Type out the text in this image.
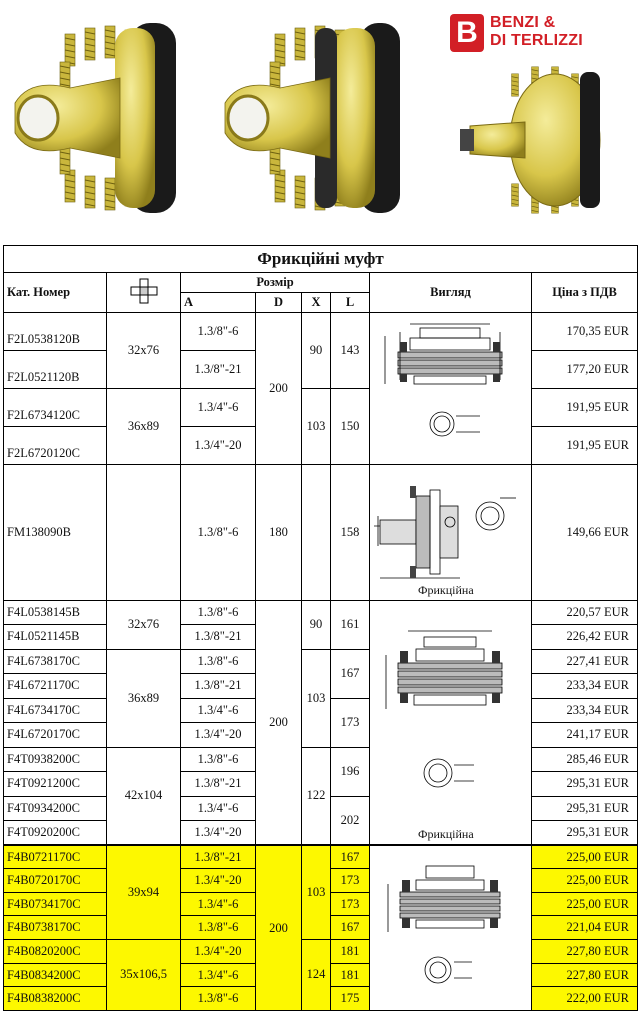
B BENZI &
DI TERLIZZI
Фрикційні муфт							
Кат. Номер		Розмір				Вигляд	Ціна з ПДВ
		A	D	X	L		
F2L0538120B	32x76	1.3/8"-6	200	90	143		170,35 EUR
F2L0521120B		1.3/8"-21					177,20 EUR
F2L6734120C	36x89	1.3/4"-6		103	150		191,95 EUR
F2L6720120C		1.3/4"-20					191,95 EUR
FM138090B		1.3/8"-6	180		158	Фрикційна	149,66 EUR
F4L0538145B	32x76	1.3/8"-6	200	90	161	Фрикційна	220,57 EUR
F4L0521145B		1.3/8"-21					226,42 EUR
F4L6738170C	36x89	1.3/8"-6		103	167		227,41 EUR
F4L6721170C		1.3/8"-21					233,34 EUR
F4L6734170C		1.3/4"-6			173		233,34 EUR
F4L6720170C		1.3/4"-20					241,17 EUR
F4T0938200C	42x104	1.3/8"-6		122	196		285,46 EUR
F4T0921200C		1.3/8"-21					295,31 EUR
F4T0934200C		1.3/4"-6			202		295,31 EUR
F4T0920200C		1.3/4"-20					295,31 EUR
F4B0721170C	39x94	1.3/8"-21	200	103	167		225,00 EUR
F4B0720170C		1.3/4"-20			173		225,00 EUR
F4B0734170C		1.3/4"-6			173		225,00 EUR
F4B0738170C		1.3/8"-6			167		221,04 EUR
F4B0820200C	35x106,5	1.3/4"-20		124	181		227,80 EUR
F4B0834200C		1.3/4"-6			181		227,80 EUR
F4B0838200C		1.3/8"-6			175		222,00 EUR
